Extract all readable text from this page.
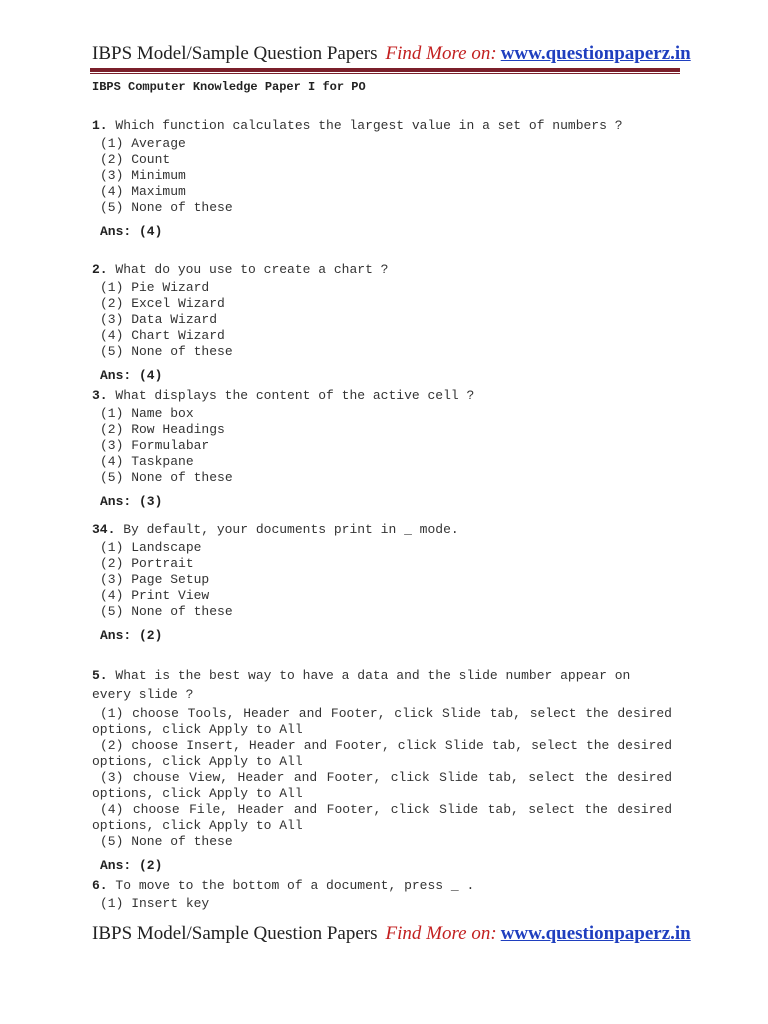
IBPS Model/Sample Question Papers Find More on: www.questionpaperz.in
IBPS Computer Knowledge Paper I for PO
1. Which function calculates the largest value in a set of numbers ?
(1) Average
(2) Count
(3) Minimum
(4) Maximum
(5) None of these
Ans: (4)
2. What do you use to create a chart ?
(1) Pie Wizard
(2) Excel Wizard
(3) Data Wizard
(4) Chart Wizard
(5) None of these
Ans: (4)
3. What displays the content of the active cell ?
(1) Name box
(2) Row Headings
(3) Formulabar
(4) Taskpane
(5) None of these
Ans: (3)
34. By default, your documents print in _ mode.
(1) Landscape
(2) Portrait
(3) Page Setup
(4) Print View
(5) None of these
Ans: (2)
5. What is the best way to have a data and the slide number appear on every slide ?
(1) choose Tools, Header and Footer, click Slide tab, select the desired options, click Apply to All
(2) choose Insert, Header and Footer, click Slide tab, select the desired options, click Apply to All
(3) chouse View, Header and Footer, click Slide tab, select the desired options, click Apply to All
(4) choose File, Header and Footer, click Slide tab, select the desired options, click Apply to All
(5) None of these
Ans: (2)
6. To move to the bottom of a document, press _ .
(1) Insert key
IBPS Model/Sample Question Papers Find More on: www.questionpaperz.in
